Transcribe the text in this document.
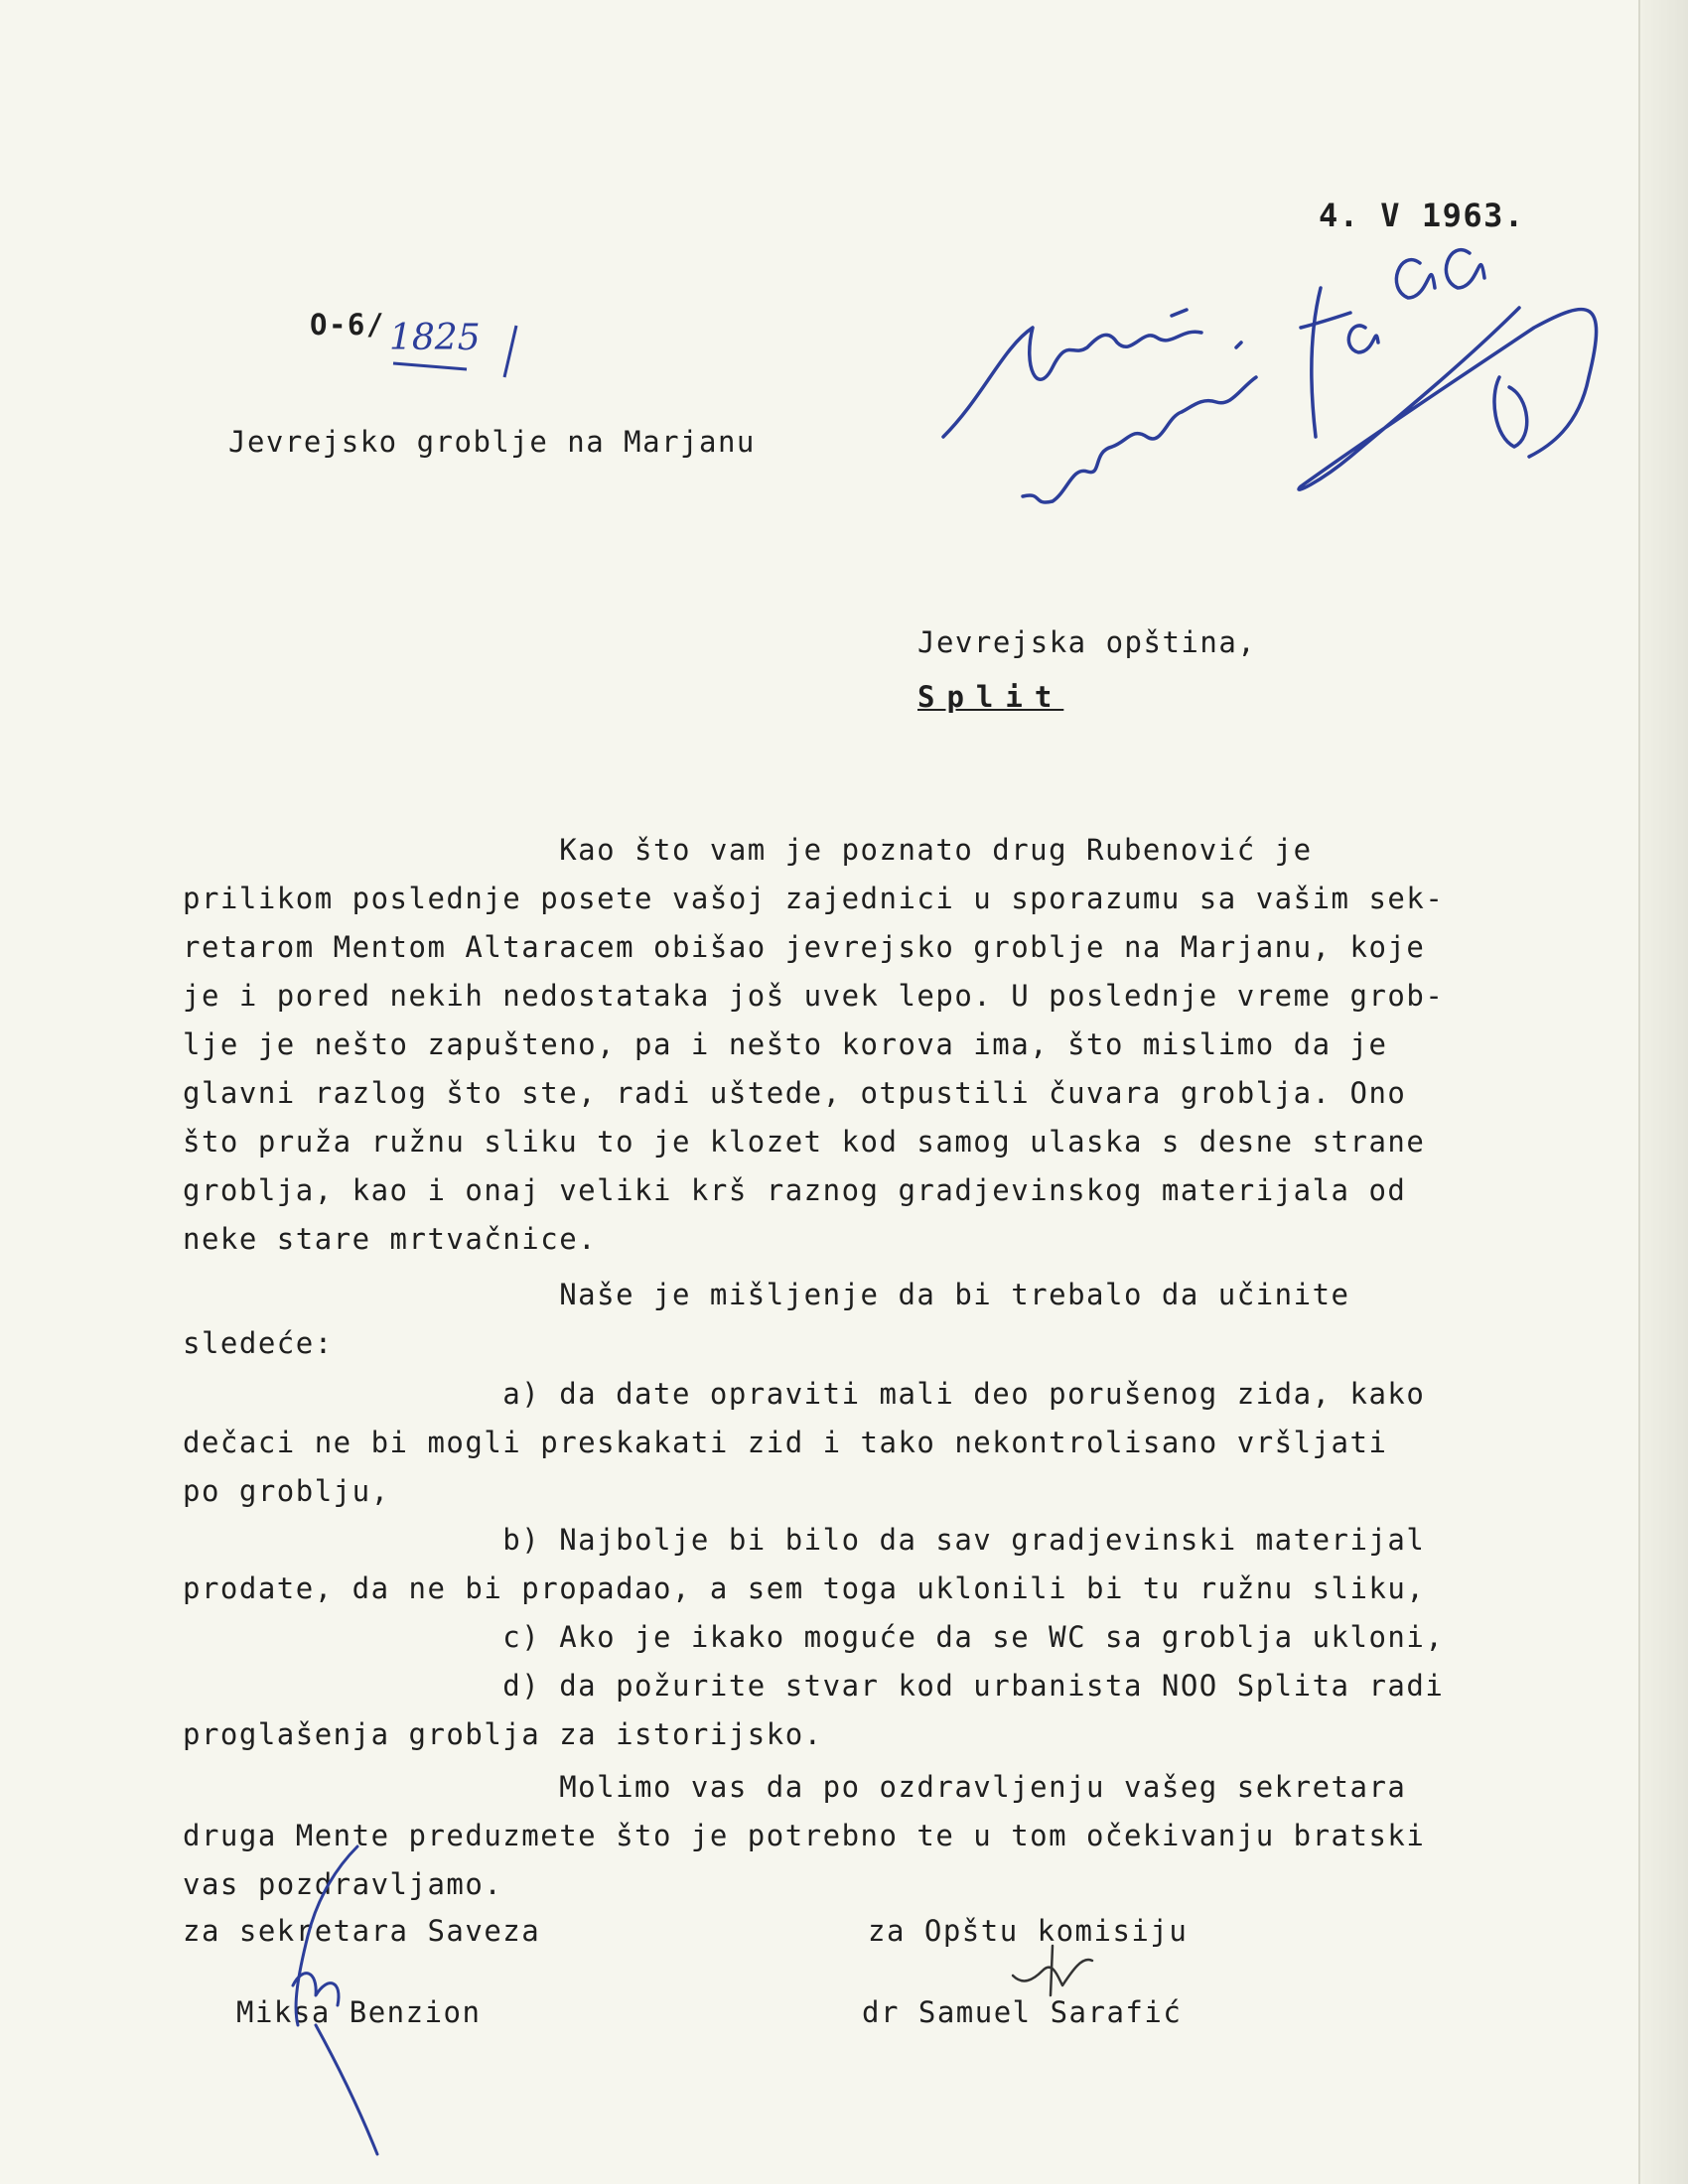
4. V 1963.
O-6/ 1825
Jevrejsko groblje na Marjanu
Jevrejska opština,
Split
Kao što vam je poznato drug Rubenović je
prilikom poslednje posete vašoj zajednici u sporazumu sa vašim sek-
retarom Mentom Altaracem obišao jevrejsko groblje na Marjanu, koje
je i pored nekih nedostataka još uvek lepo. U poslednje vreme grob-
lje je nešto zapušteno, pa i nešto korova ima, što mislimo da je
glavni razlog što ste, radi uštede, otpustili čuvara groblja. Ono
što pruža ružnu sliku to je klozet kod samog ulaska s desne strane
groblja, kao i onaj veliki krš raznog gradjevinskog materijala od
neke stare mrtvačnice.
Naše je mišljenje da bi trebalo da učinite
sledeće:
a) da date opraviti mali deo porušenog zida, kako
dečaci ne bi mogli preskakati zid i tako nekontrolisano vršljati
po groblju,
b) Najbolje bi bilo da sav gradjevinski materijal
prodate, da ne bi propadao, a sem toga uklonili bi tu ružnu sliku,
c) Ako je ikako moguće da se WC sa groblja ukloni,
d) da požurite stvar kod urbanista NOO Splita radi
proglašenja groblja za istorijsko.
Molimo vas da po ozdravljenju vašeg sekretara
druga Mente preduzmete što je potrebno te u tom očekivanju bratski
vas pozdravljamo.
za sekretara Saveza
Miksa Benzion
za Opštu komisiju
dr Samuel Sarafić
